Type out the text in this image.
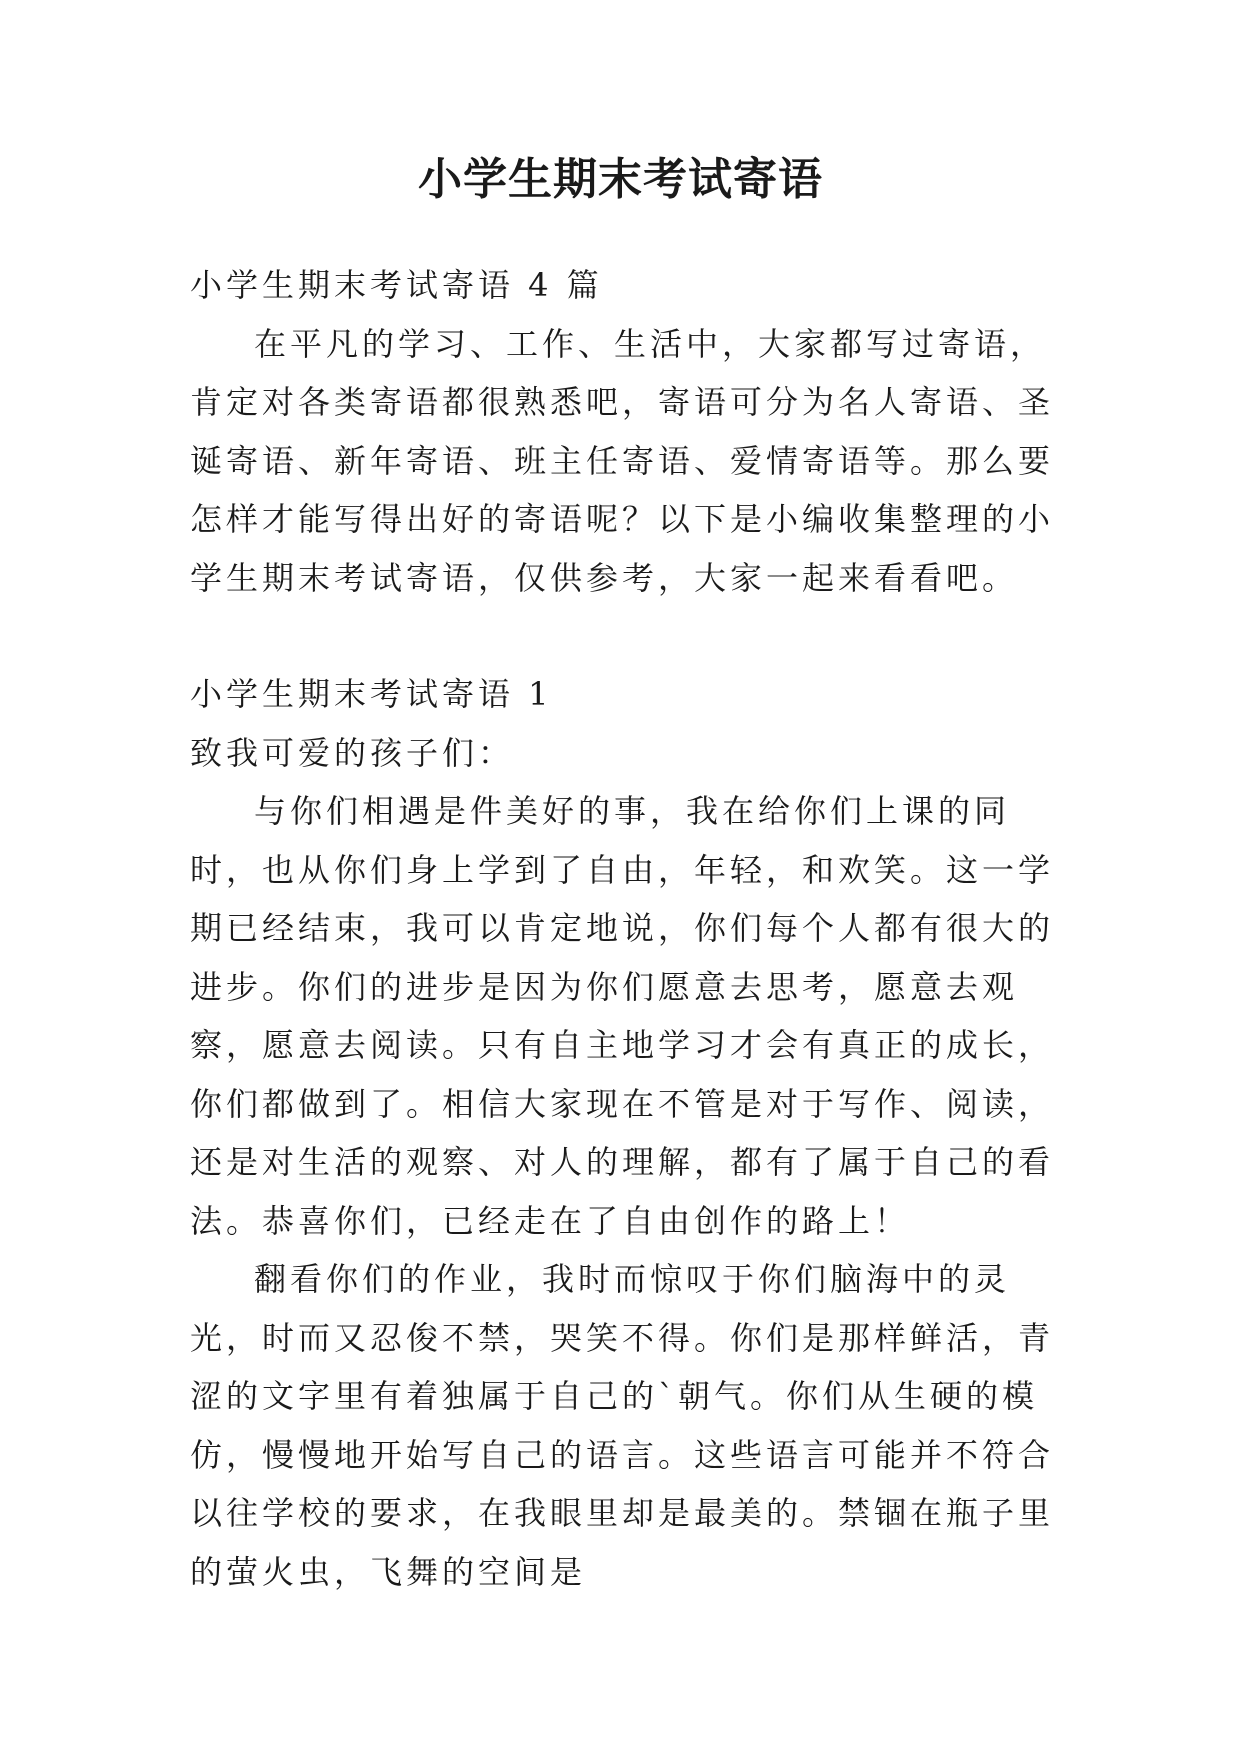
小学生期末考试寄语

小学生期末考试寄语 4 篇

在平凡的学习、工作、生活中，大家都写过寄语，肯定对各类寄语都很熟悉吧，寄语可分为名人寄语、圣诞寄语、新年寄语、班主任寄语、爱情寄语等。那么要怎样才能写得出好的寄语呢？以下是小编收集整理的小学生期末考试寄语，仅供参考，大家一起来看看吧。

小学生期末考试寄语 1

致我可爱的孩子们：

与你们相遇是件美好的事，我在给你们上课的同时，也从你们身上学到了自由，年轻，和欢笑。这一学期已经结束，我可以肯定地说，你们每个人都有很大的进步。你们的进步是因为你们愿意去思考，愿意去观察，愿意去阅读。只有自主地学习才会有真正的成长，你们都做到了。相信大家现在不管是对于写作、阅读，还是对生活的观察、对人的理解，都有了属于自己的看法。恭喜你们，已经走在了自由创作的路上！

翻看你们的作业，我时而惊叹于你们脑海中的灵光，时而又忍俊不禁，哭笑不得。你们是那样鲜活，青涩的文字里有着独属于自己的`朝气。你们从生硬的模仿，慢慢地开始写自己的语言。这些语言可能并不符合以往学校的要求，在我眼里却是最美的。禁锢在瓶子里的萤火虫，飞舞的空间是
